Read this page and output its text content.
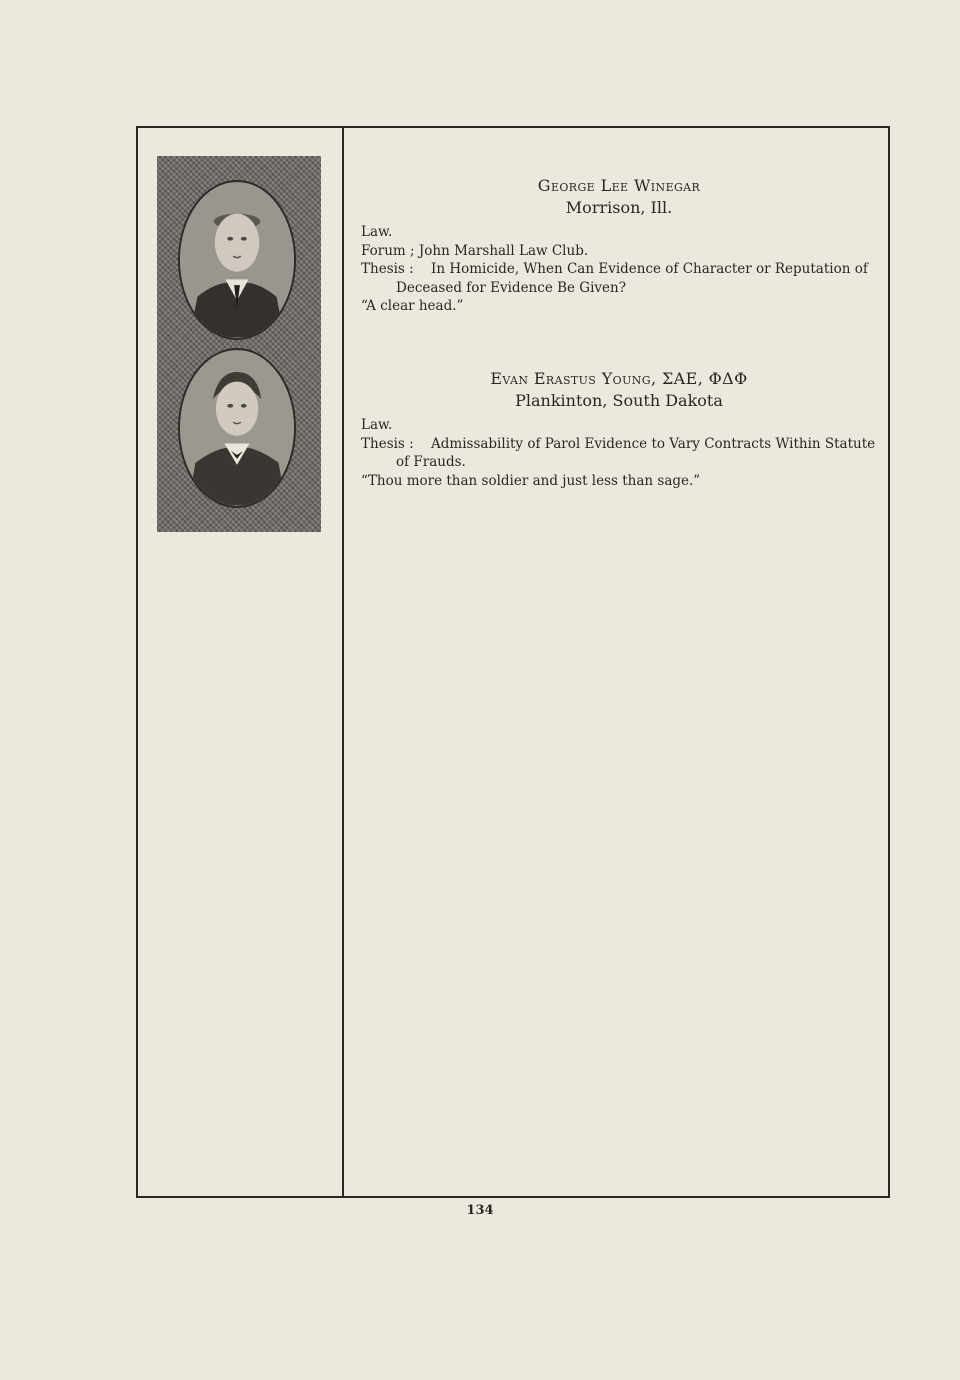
George Lee Winegar
Morrison, Ill.
Law.
Forum ; John Marshall Law Club.
Thesis : In Homicide, When Can Evidence of Character or Reputation of Deceased for Evidence Be Given?
“A clear head.”
Evan Erastus Young, ΣAE, ΦΔΦ
Plankinton, South Dakota
Law.
Thesis : Admissability of Parol Evidence to Vary Contracts Within Statute of Frauds.
“Thou more than soldier and just less than sage.”
134
